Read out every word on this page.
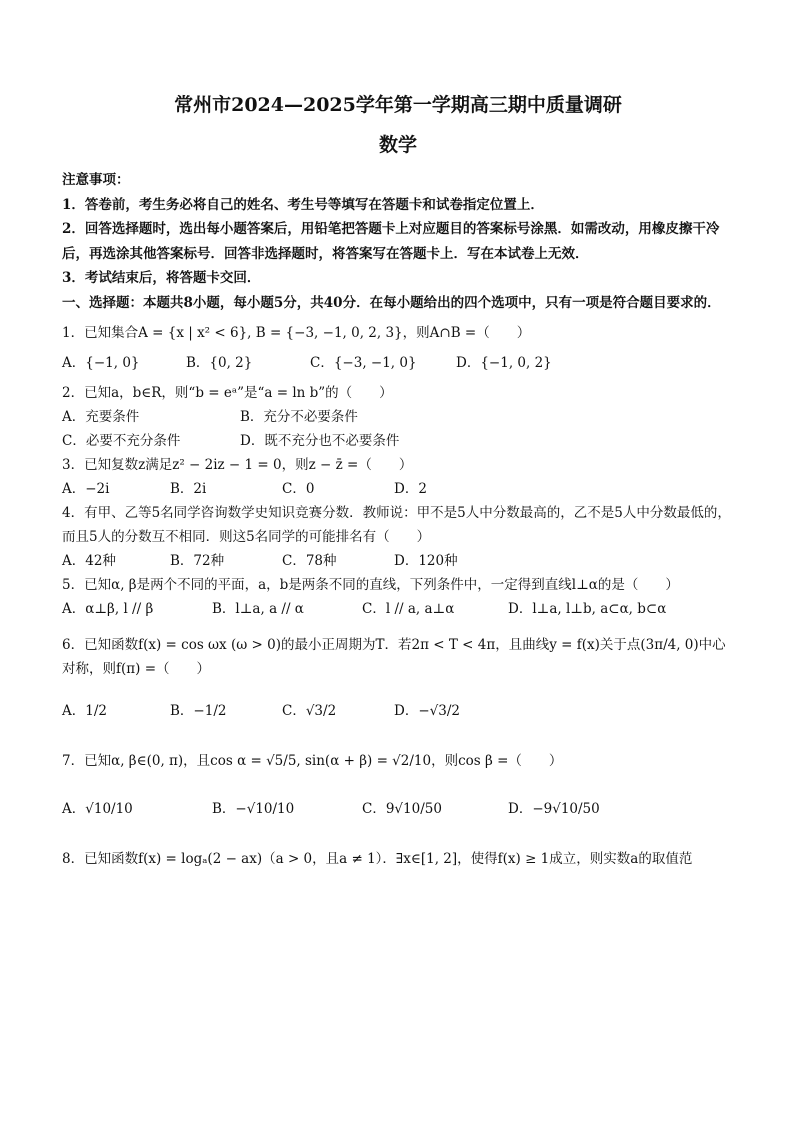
常州市2024—2025学年第一学期高三期中质量调研
数学
注意事项：
1．答卷前，考生务必将自己的姓名、考生号等填写在答题卡和试卷指定位置上．
2．回答选择题时，选出每小题答案后，用铅笔把答题卡上对应题目的答案标号涂黑．如需改动，用橡皮擦干冷后，再选涂其他答案标号．回答非选择题时，将答案写在答题卡上．写在本试卷上无效．
3．考试结束后，将答题卡交回．
一、选择题：本题共8小题，每小题5分，共40分．在每小题给出的四个选项中，只有一项是符合题目要求的．
1．已知集合A = {x | x² < 6}, B = {−3, −1, 0, 2, 3}，则A∩B =（　　）
A．{−1, 0}	B．{0, 2}	C．{−3, −1, 0}	D．{−1, 0, 2}
2．已知a，b∈R，则“b = eᵃ”是“a = ln b”的（　　）
A．充要条件	B．充分不必要条件
C．必要不充分条件	D．既不充分也不必要条件
3．已知复数z满足z² − 2iz − 1 = 0，则z − z̄ =（　　）
A．−2i	B．2i	C．0	D．2
4．有甲、乙等5名同学咨询数学史知识竞赛分数．教师说：甲不是5人中分数最高的，乙不是5人中分数最低的，而且5人的分数互不相同．则这5名同学的可能排名有（　　）
A．42种	B．72种	C．78种	D．120种
5．已知α, β是两个不同的平面，a，b是两条不同的直线，下列条件中，一定得到直线l⊥α的是（　　）
A．α⊥β, l // β	B．l⊥a, a // α	C．l // a, a⊥α	D．l⊥a, l⊥b, a⊂α, b⊂α
6．已知函数f(x) = cos ωx (ω > 0)的最小正周期为T．若2π < T < 4π，且曲线y = f(x)关于点(3π/4, 0)中心对称，则f(π) =（　　）
A．1/2	B．−1/2	C．√3/2	D．−√3/2
7．已知α, β∈(0, π)，且cos α = √5/5, sin(α + β) = √2/10，则cos β =（　　）
A．√10/10	B．−√10/10	C．9√10/50	D．−9√10/50
8．已知函数f(x) = logₐ(2 − ax)（a > 0，且a ≠ 1）．∃x∈[1, 2]，使得f(x) ≥ 1成立，则实数a的取值范
